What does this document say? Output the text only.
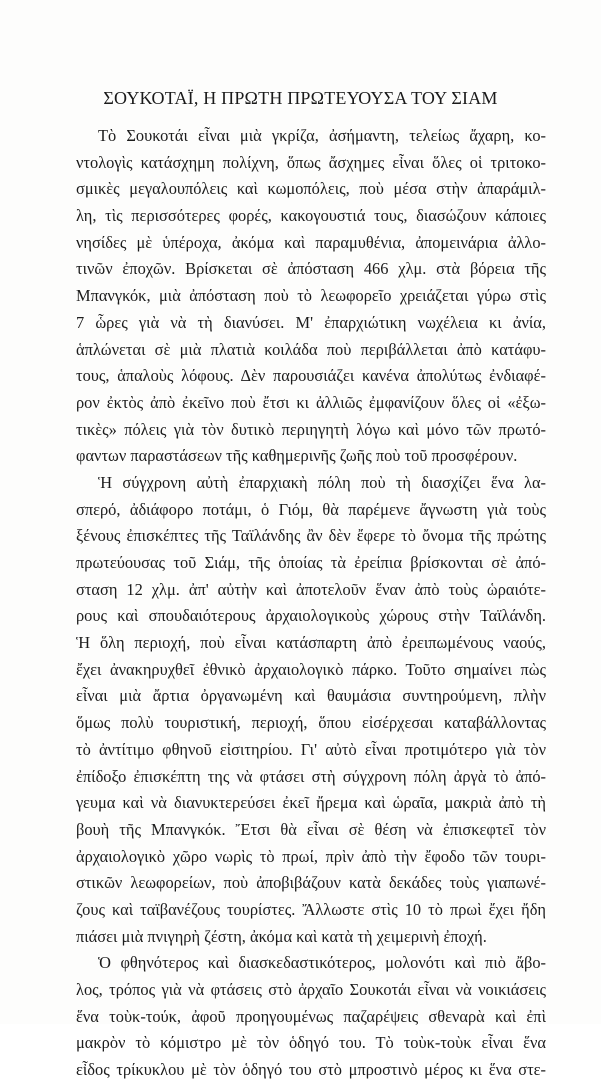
ΣΟΥΚΟΤΑΪ, Η ΠΡΩΤΗ ΠΡΩΤΕΥΟΥΣΑ ΤΟΥ ΣΙΑΜ
Τὸ Σουκοτάι εἶναι μιὰ γκρίζα, ἀσήμαντη, τελείως ἄχαρη, κο-
ντολογὶς κατάσχημη πολίχνη, ὅπως ἄσχημες εἶναι ὅλες οἱ τριτοκο-
σμικὲς μεγαλουπόλεις καὶ κωμοπόλεις, ποὺ μέσα στὴν ἀπαράμιλ-
λη, τὶς περισσότερες φορές, κακογουστιά τους, διασώζουν κάποιες
νησίδες μὲ ὑπέροχα, ἀκόμα καὶ παραμυθένια, ἀπομεινάρια ἀλλο-
τινῶν ἐποχῶν. Βρίσκεται σὲ ἀπόσταση 466 χλμ. στὰ βόρεια τῆς
Μπανγκόκ, μιὰ ἀπόσταση ποὺ τὸ λεωφορεῖο χρειάζεται γύρω στὶς
7 ὧρες γιὰ νὰ τὴ διανύσει. Μ' ἐπαρχιώτικη νωχέλεια κι ἀνία,
ἁπλώνεται σὲ μιὰ πλατιὰ κοιλάδα ποὺ περιβάλλεται ἀπὸ κατάφυ-
τους, ἁπαλοὺς λόφους. Δὲν παρουσιάζει κανένα ἀπολύτως ἐνδιαφέ-
ρον ἐκτὸς ἀπὸ ἐκεῖνο ποὺ ἔτσι κι ἀλλιῶς ἐμφανίζουν ὅλες οἱ «ἐξω-
τικὲς» πόλεις γιὰ τὸν δυτικὸ περιηγητὴ λόγω καὶ μόνο τῶν πρωτό-
φαντων παραστάσεων τῆς καθημερινῆς ζωῆς ποὺ τοῦ προσφέρουν.
Ἡ σύγχρονη αὐτὴ ἐπαρχιακὴ πόλη ποὺ τὴ διασχίζει ἕνα λα-
σπερό, ἀδιάφορο ποτάμι, ὁ Γιόμ, θὰ παρέμενε ἄγνωστη γιὰ τοὺς
ξένους ἐπισκέπτες τῆς Ταϊλάνδης ἂν δὲν ἔφερε τὸ ὄνομα τῆς πρώτης
πρωτεύουσας τοῦ Σιάμ, τῆς ὁποίας τὰ ἐρείπια βρίσκονται σὲ ἀπό-
σταση 12 χλμ. ἀπ' αὐτὴν καὶ ἀποτελοῦν ἕναν ἀπὸ τοὺς ὡραιότε-
ρους καὶ σπουδαιότερους ἀρχαιολογικοὺς χώρους στὴν Ταϊλάνδη.
Ἡ ὅλη περιοχή, ποὺ εἶναι κατάσπαρτη ἀπὸ ἐρειπωμένους ναούς,
ἔχει ἀνακηρυχθεῖ ἐθνικὸ ἀρχαιολογικὸ πάρκο. Τοῦτο σημαίνει πὼς
εἶναι μιὰ ἄρτια ὀργανωμένη καὶ θαυμάσια συντηρούμενη, πλὴν
ὅμως πολὺ τουριστική, περιοχή, ὅπου εἰσέρχεσαι καταβάλλοντας
τὸ ἀντίτιμο φθηνοῦ εἰσιτηρίου. Γι' αὐτὸ εἶναι προτιμότερο γιὰ τὸν
ἐπίδοξο ἐπισκέπτη της νὰ φτάσει στὴ σύγχρονη πόλη ἀργὰ τὸ ἀπό-
γευμα καὶ νὰ διανυκτερεύσει ἐκεῖ ἤρεμα καὶ ὡραῖα, μακριὰ ἀπὸ τὴ
βουὴ τῆς Μπανγκόκ. Ἔτσι θὰ εἶναι σὲ θέση νὰ ἐπισκεφτεῖ τὸν
ἀρχαιολογικὸ χῶρο νωρὶς τὸ πρωί, πρὶν ἀπὸ τὴν ἔφοδο τῶν τουρι-
στικῶν λεωφορείων, ποὺ ἀποβιβάζουν κατὰ δεκάδες τοὺς γιαπωνέ-
ζους καὶ ταϊβανέζους τουρίστες. Ἄλλωστε στὶς 10 τὸ πρωὶ ἔχει ἤδη
πιάσει μιὰ πνιγηρὴ ζέστη, ἀκόμα καὶ κατὰ τὴ χειμερινὴ ἐποχή.
Ὁ φθηνότερος καὶ διασκεδαστικότερος, μολονότι καὶ πιὸ ἄβο-
λος, τρόπος γιὰ νὰ φτάσεις στὸ ἀρχαῖο Σουκοτάι εἶναι νὰ νοικιάσεις
ἕνα τοὺκ-τούκ, ἀφοῦ προηγουμένως παζαρέψεις σθεναρὰ καὶ ἐπὶ
μακρὸν τὸ κόμιστρο μὲ τὸν ὁδηγό του. Τὸ τοὺκ-τοὺκ εἶναι ἕνα
εἶδος τρίκυκλου μὲ τὸν ὁδηγό του στὸ μπροστινὸ μέρος κι ἕνα στε-
